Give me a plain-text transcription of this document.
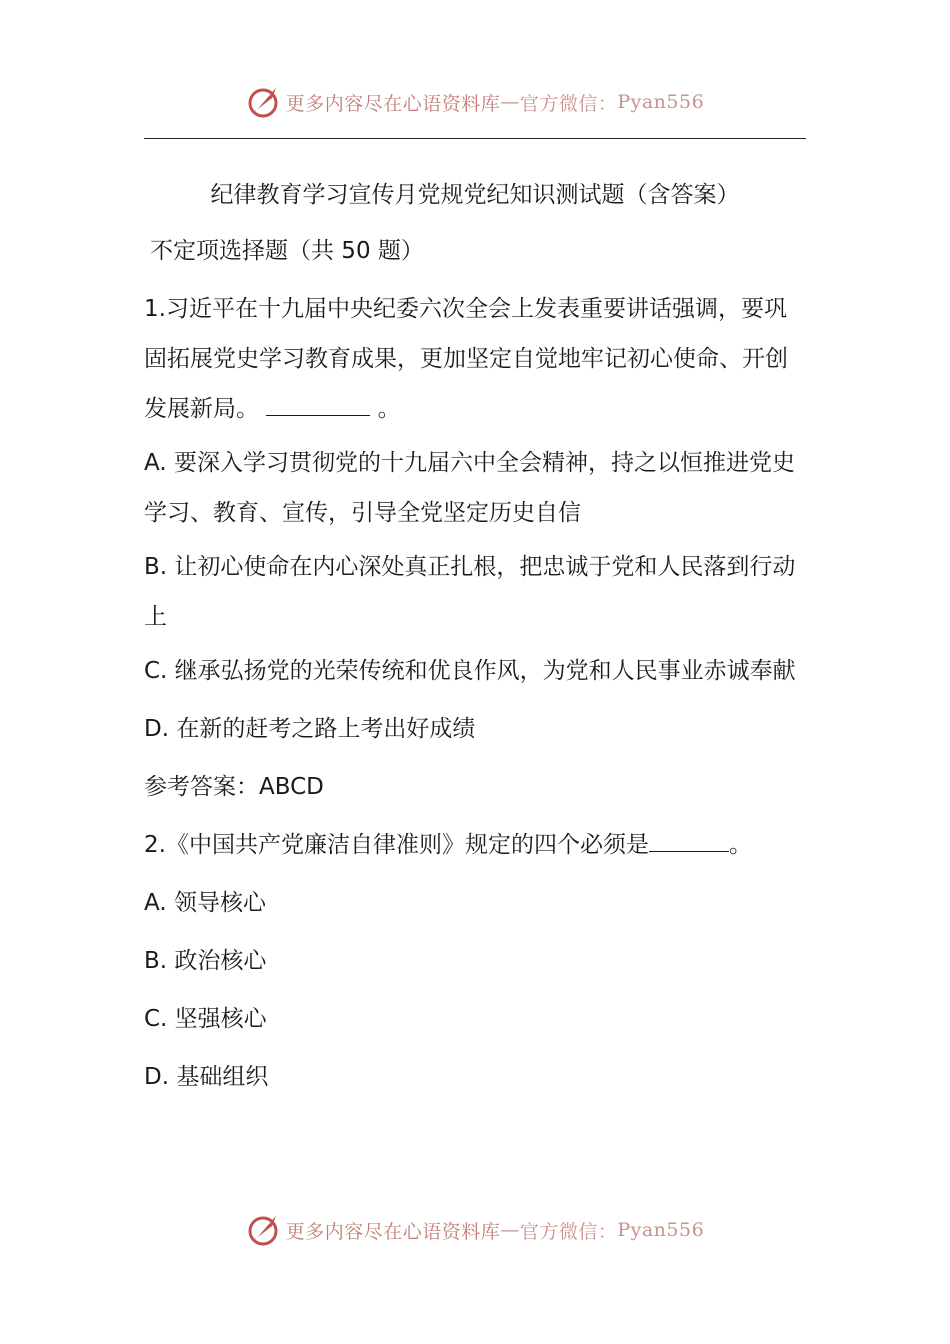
更多内容尽在心语资料库 — 官方微信： Pyan556
纪律教育学习宣传月党规党纪知识测试题（含答案）
不定项选择题（共 50 题）
1.习近平在十九届中央纪委六次全会上发表重要讲话强调，要巩固拓展党史学习教育成果，更加坚定自觉地牢记初心使命、开创发展新局。	。
A. 要深入学习贯彻党的十九届六中全会精神，持之以恒推进党史学习、教育、宣传，引导全党坚定历史自信
B. 让初心使命在内心深处真正扎根，把忠诚于党和人民落到行动上
C. 继承弘扬党的光荣传统和优良作风，为党和人民事业赤诚奉献
D. 在新的赶考之路上考出好成绩
参考答案：ABCD
2.《中国共产党廉洁自律准则》规定的四个必须是	。
A. 领导核心
B. 政治核心
C. 坚强核心
D. 基础组织
更多内容尽在心语资料库 — 官方微信： Pyan556
